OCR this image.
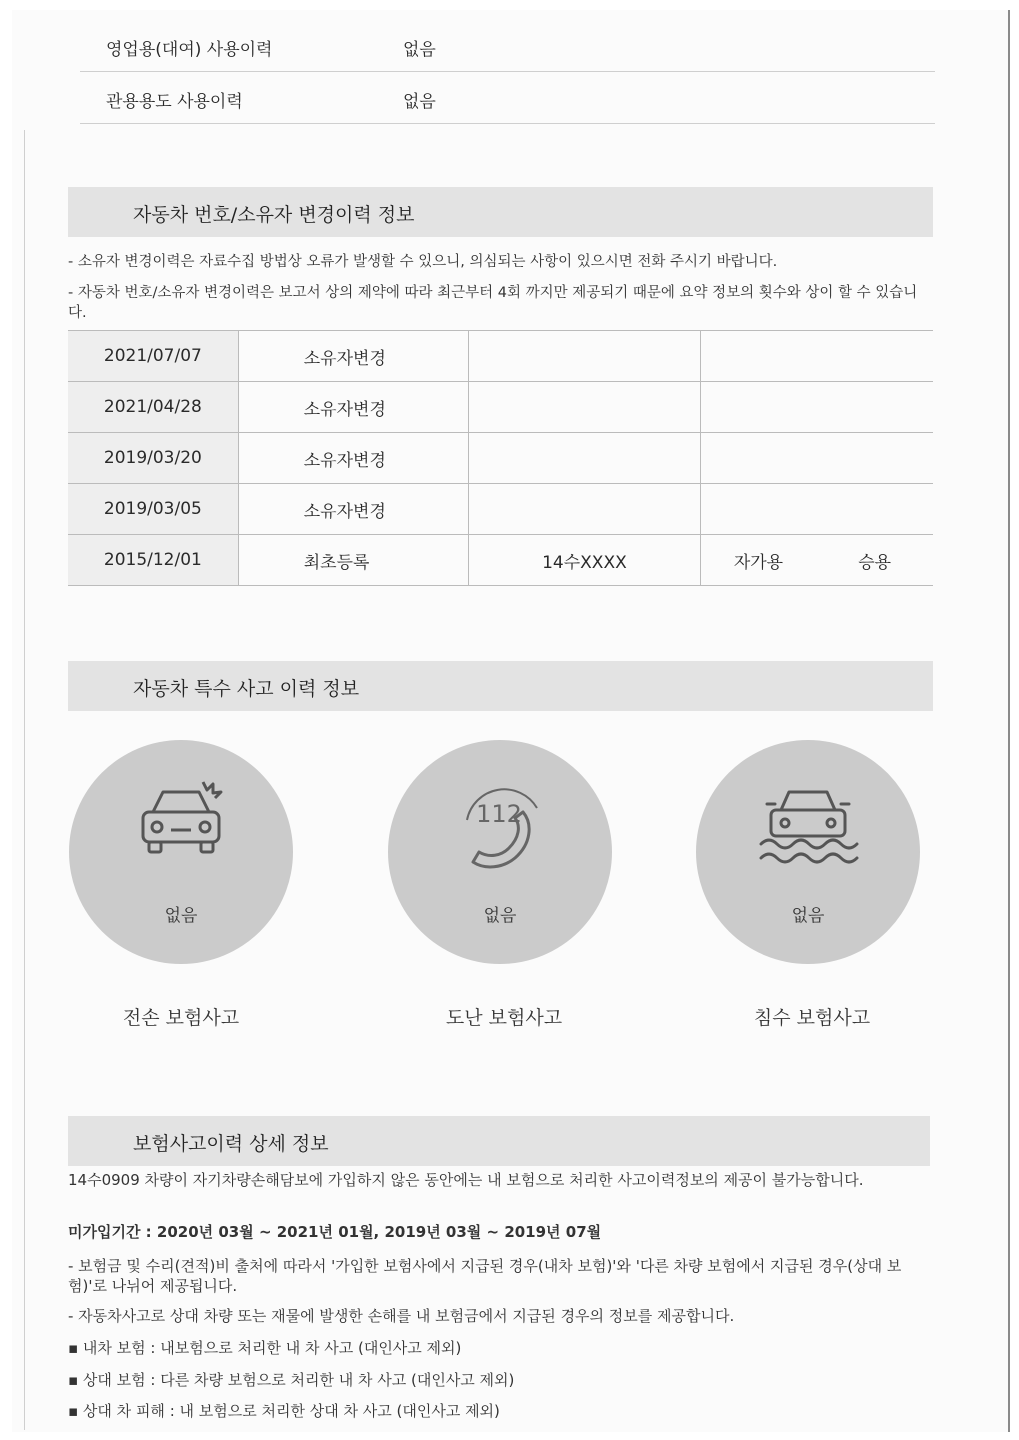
영업용(대여) 사용이력	없음
관용용도 사용이력	없음
자동차 번호/소유자 변경이력 정보
- 소유자 변경이력은 자료수집 방법상 오류가 발생할 수 있으니, 의심되는 사항이 있으시면 전화 주시기 바랍니다.
- 자동차 번호/소유자 변경이력은 보고서 상의 제약에 따라 최근부터 4회 까지만 제공되기 때문에 요약 정보의 횟수와 상이 할 수 있습니다.
2021/07/07	소유자변경			
2021/04/28	소유자변경			
2019/03/20	소유자변경			
2019/03/05	소유자변경			
2015/12/01	최초등록	14수XXXX	자가용	승용
자동차 특수 사고 이력 정보
없음
전손 보험사고
112
없음
도난 보험사고
없음
침수 보험사고
보험사고이력 상세 정보
14수0909 차량이 자기차량손해담보에 가입하지 않은 동안에는 내 보험으로 처리한 사고이력정보의 제공이 불가능합니다.
미가입기간 : 2020년 03월 ~ 2021년 01월, 2019년 03월 ~ 2019년 07월
- 보험금 및 수리(견적)비 출처에 따라서 '가입한 보험사에서 지급된 경우(내차 보험)'와 '다른 차량 보험에서 지급된 경우(상대 보험)'로 나뉘어 제공됩니다.
- 자동차사고로 상대 차량 또는 재물에 발생한 손해를 내 보험금에서 지급된 경우의 정보를 제공합니다.
▪ 내차 보험 : 내보험으로 처리한 내 차 사고 (대인사고 제외)
▪ 상대 보험 : 다른 차량 보험으로 처리한 내 차 사고 (대인사고 제외)
▪ 상대 차 피해 : 내 보험으로 처리한 상대 차 사고 (대인사고 제외)
